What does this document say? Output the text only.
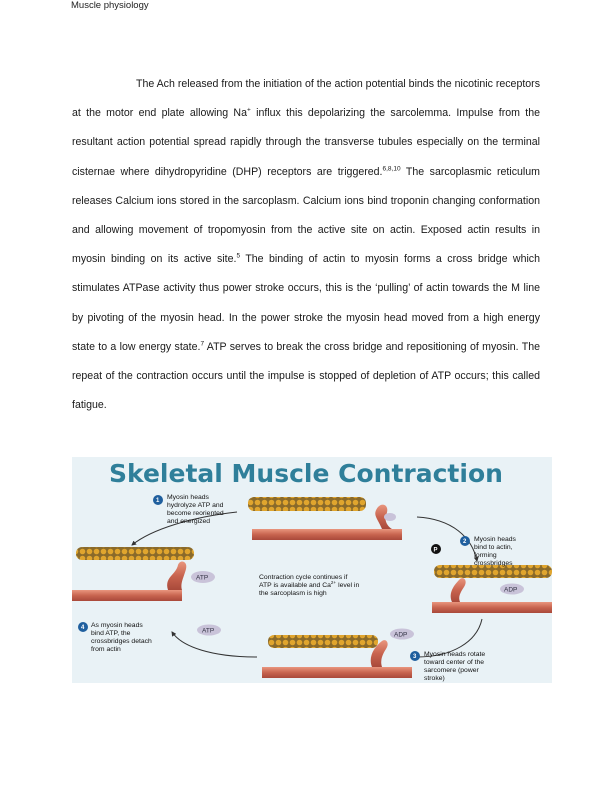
Muscle physiology
The Ach released from the initiation of the action potential binds the nicotinic receptors at the motor end plate allowing Na+ influx this depolarizing the sarcolemma. Impulse from the resultant action potential spread rapidly through the transverse tubules especially on the terminal cisternae where dihydropyridine (DHP) receptors are triggered.$^{6,8,10}$ The sarcoplasmic reticulum releases Calcium ions stored in the sarcoplasm. Calcium ions bind troponin changing conformation and allowing movement of tropomyosin from the active site on actin. Exposed actin results in myosin binding on its active site.$^5$ The binding of actin to myosin forms a cross bridge which stimulates ATPase activity thus power stroke occurs, this is the ‘pulling’ of actin towards the M line by pivoting of the myosin head. In the power stroke the myosin head moved from a high energy state to a low energy state.$^7$ ATP serves to break the cross bridge and repositioning of myosin. The repeat of the contraction occurs until the impulse is stopped of depletion of ATP occurs; this called fatigue.
Skeletal Muscle Contraction
ATP
ADP
ATP
ADP
P
1 Myosin heads
hydrolyze ATP and
become reoriented
and energized
2 Myosin heads
bind to actin,
forming
crossbridges
3 Myosin heads rotate
toward center of the
sarcomere (power
stroke)
4 As myosin heads
bind ATP, the
crossbridges detach
from actin
Contraction cycle continues if
ATP is available and $Ca^{2+}$ level in
the sarcoplasm is high
